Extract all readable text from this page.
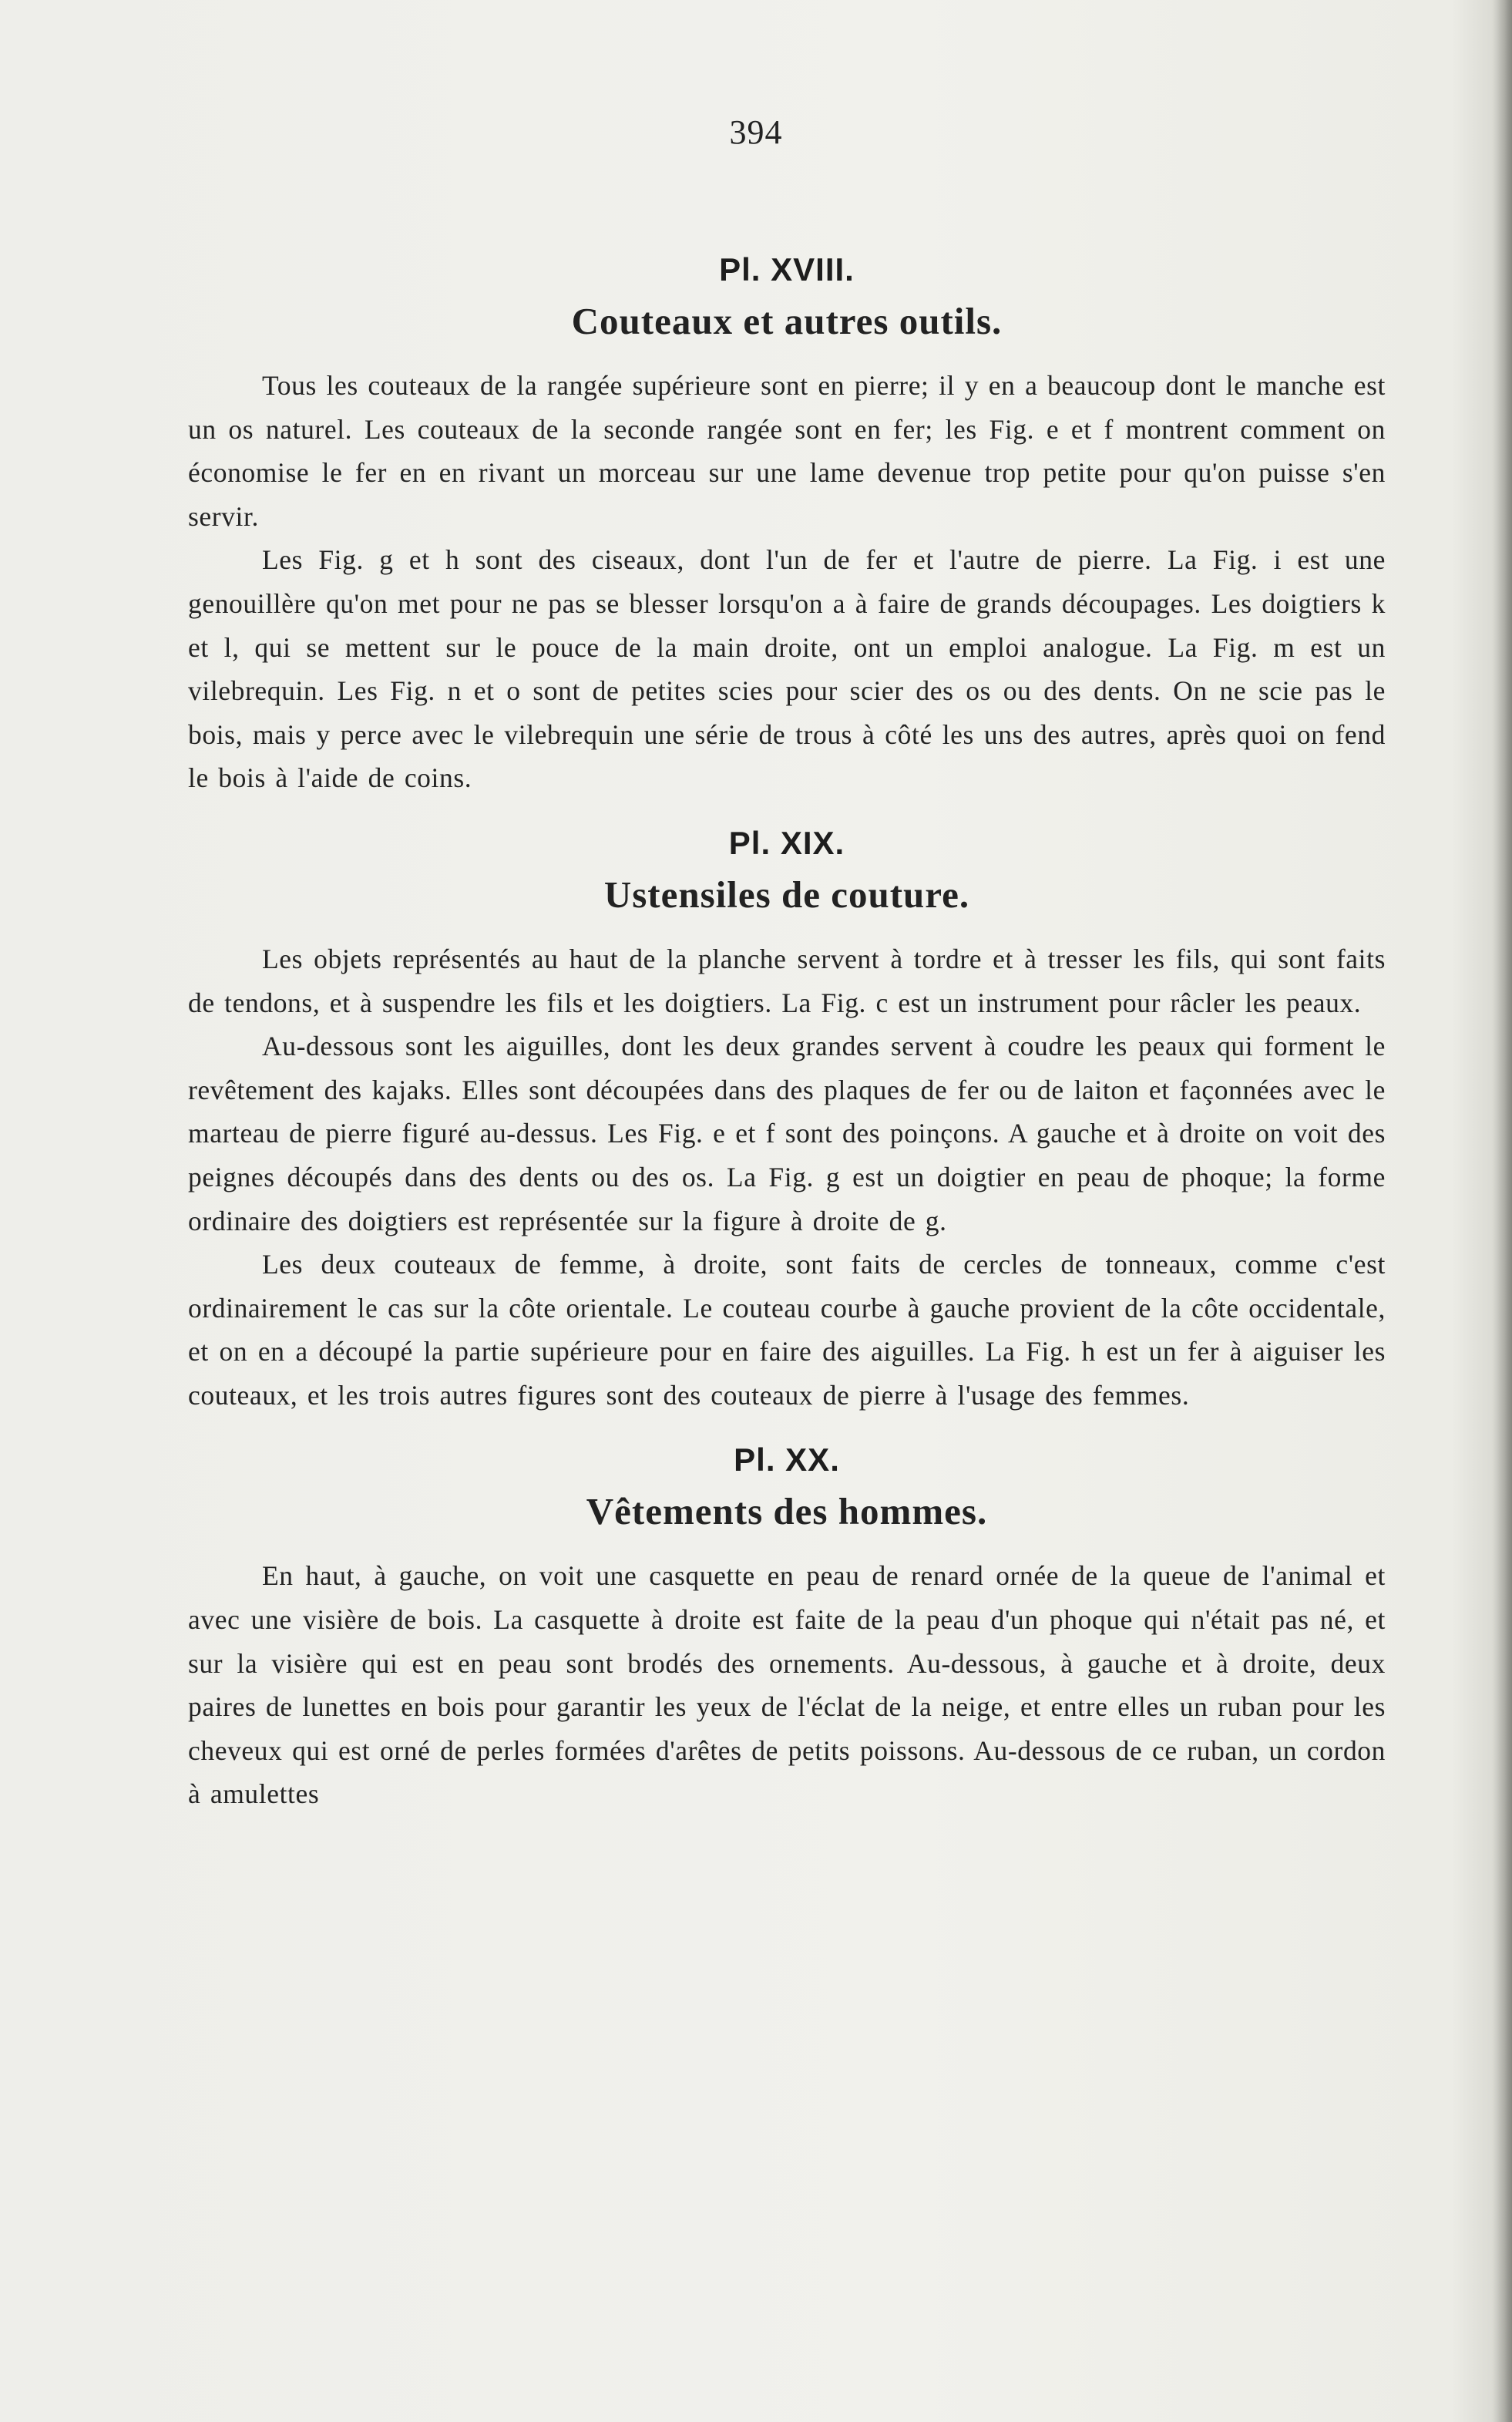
394
Pl. XVIII.
Couteaux et autres outils.

Tous les couteaux de la rangée supérieure sont en pierre; il y en a beaucoup dont le manche est un os naturel. Les couteaux de la seconde rangée sont en fer; les Fig. e et f montrent comment on économise le fer en en rivant un morceau sur une lame devenue trop petite pour qu'on puisse s'en servir.

Les Fig. g et h sont des ciseaux, dont l'un de fer et l'autre de pierre. La Fig. i est une genouillère qu'on met pour ne pas se blesser lorsqu'on a à faire de grands découpages. Les doigtiers k et l, qui se mettent sur le pouce de la main droite, ont un emploi analogue. La Fig. m est un vilebrequin. Les Fig. n et o sont de petites scies pour scier des os ou des dents. On ne scie pas le bois, mais y perce avec le vilebrequin une série de trous à côté les uns des autres, après quoi on fend le bois à l'aide de coins.

Pl. XIX.
Ustensiles de couture.

Les objets représentés au haut de la planche servent à tordre et à tresser les fils, qui sont faits de tendons, et à suspendre les fils et les doigtiers. La Fig. c est un instrument pour râcler les peaux.

Au-dessous sont les aiguilles, dont les deux grandes servent à coudre les peaux qui forment le revêtement des kajaks. Elles sont découpées dans des plaques de fer ou de laiton et façonnées avec le marteau de pierre figuré au-dessus. Les Fig. e et f sont des poinçons. A gauche et à droite on voit des peignes découpés dans des dents ou des os. La Fig. g est un doigtier en peau de phoque; la forme ordinaire des doigtiers est représentée sur la figure à droite de g.

Les deux couteaux de femme, à droite, sont faits de cercles de tonneaux, comme c'est ordinairement le cas sur la côte orientale. Le couteau courbe à gauche provient de la côte occidentale, et on en a découpé la partie supérieure pour en faire des aiguilles. La Fig. h est un fer à aiguiser les couteaux, et les trois autres figures sont des couteaux de pierre à l'usage des femmes.

Pl. XX.
Vêtements des hommes.

En haut, à gauche, on voit une casquette en peau de renard ornée de la queue de l'animal et avec une visière de bois. La casquette à droite est faite de la peau d'un phoque qui n'était pas né, et sur la visière qui est en peau sont brodés des ornements. Au-dessous, à gauche et à droite, deux paires de lunettes en bois pour garantir les yeux de l'éclat de la neige, et entre elles un ruban pour les cheveux qui est orné de perles formées d'arêtes de petits poissons. Au-dessous de ce ruban, un cordon à amulettes
